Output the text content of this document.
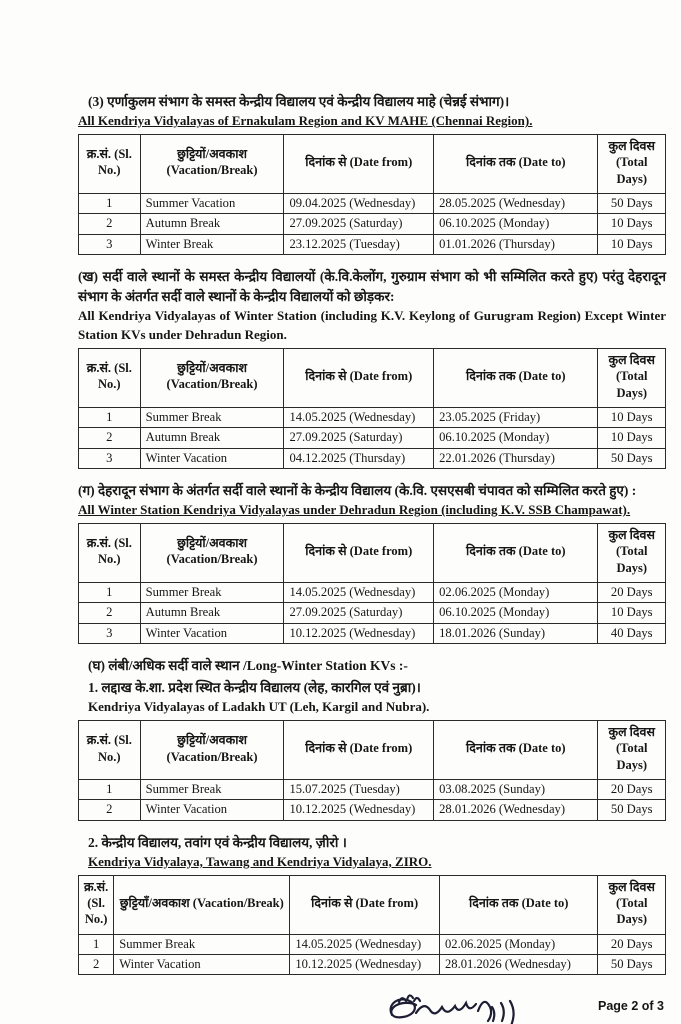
(3) एर्णाकुलम संभाग के समस्त केन्द्रीय विद्यालय एवं केन्द्रीय विद्यालय माहे (चेन्नई संभाग)।
All Kendriya Vidyalayas of Ernakulam Region and KV MAHE (Chennai Region).
क्र.सं. (Sl. No.)	छुट्टियों/अवकाश (Vacation/Break)	दिनांक से (Date from)	दिनांक तक (Date to)	कुल दिवस (Total Days)
1	Summer Vacation	09.04.2025 (Wednesday)	28.05.2025 (Wednesday)	50 Days
2	Autumn Break	27.09.2025 (Saturday)	06.10.2025 (Monday)	10 Days
3	Winter Break	23.12.2025 (Tuesday)	01.01.2026 (Thursday)	10 Days
(ख) सर्दी वाले स्थानों के समस्त केन्द्रीय विद्यालयों (के.वि.केलोंग, गुरुग्राम संभाग को भी सम्मिलित करते हुए) परंतु देहरादून संभाग के अंतर्गत सर्दी वाले स्थानों के केन्द्रीय विद्यालयों को छोड़कर:
All Kendriya Vidyalayas of Winter Station (including K.V. Keylong of Gurugram Region) Except Winter Station KVs under Dehradun Region.
क्र.सं. (Sl. No.)	छुट्टियों/अवकाश (Vacation/Break)	दिनांक से (Date from)	दिनांक तक (Date to)	कुल दिवस (Total Days)
1	Summer Break	14.05.2025 (Wednesday)	23.05.2025 (Friday)	10 Days
2	Autumn Break	27.09.2025 (Saturday)	06.10.2025 (Monday)	10 Days
3	Winter Vacation	04.12.2025 (Thursday)	22.01.2026 (Thursday)	50 Days
(ग) देहरादून संभाग के अंतर्गत सर्दी वाले स्थानों के केन्द्रीय विद्यालय (के.वि. एसएसबी चंपावत को सम्मिलित करते हुए) :
All Winter Station Kendriya Vidyalayas under Dehradun Region (including K.V. SSB Champawat).
क्र.सं. (Sl. No.)	छुट्टियों/अवकाश (Vacation/Break)	दिनांक से (Date from)	दिनांक तक (Date to)	कुल दिवस (Total Days)
1	Summer Break	14.05.2025 (Wednesday)	02.06.2025 (Monday)	20 Days
2	Autumn Break	27.09.2025 (Saturday)	06.10.2025 (Monday)	10 Days
3	Winter Vacation	10.12.2025 (Wednesday)	18.01.2026 (Sunday)	40 Days
(घ) लंबी/अधिक सर्दी वाले स्थान /Long-Winter Station KVs :-
1. लद्दाख के.शा. प्रदेश स्थित केन्द्रीय विद्यालय (लेह, कारगिल एवं नुब्रा)।
Kendriya Vidyalayas of Ladakh UT (Leh, Kargil and Nubra).
क्र.सं. (Sl. No.)	छुट्टियों/अवकाश (Vacation/Break)	दिनांक से (Date from)	दिनांक तक (Date to)	कुल दिवस (Total Days)
1	Summer Break	15.07.2025 (Tuesday)	03.08.2025 (Sunday)	20 Days
2	Winter Vacation	10.12.2025 (Wednesday)	28.01.2026 (Wednesday)	50 Days
2. केन्द्रीय विद्यालय, तवांग एवं केन्द्रीय विद्यालय, ज़ीरो ।
Kendriya Vidyalaya, Tawang and Kendriya Vidyalaya, ZIRO.
क्र.सं. (Sl. No.)	छुट्टियाँ/अवकाश (Vacation/Break)	दिनांक से (Date from)	दिनांक तक (Date to)	कुल दिवस (Total Days)
1	Summer Break	14.05.2025 (Wednesday)	02.06.2025 (Monday)	20 Days
2	Winter Vacation	10.12.2025 (Wednesday)	28.01.2026 (Wednesday)	50 Days
Page 2 of 3
